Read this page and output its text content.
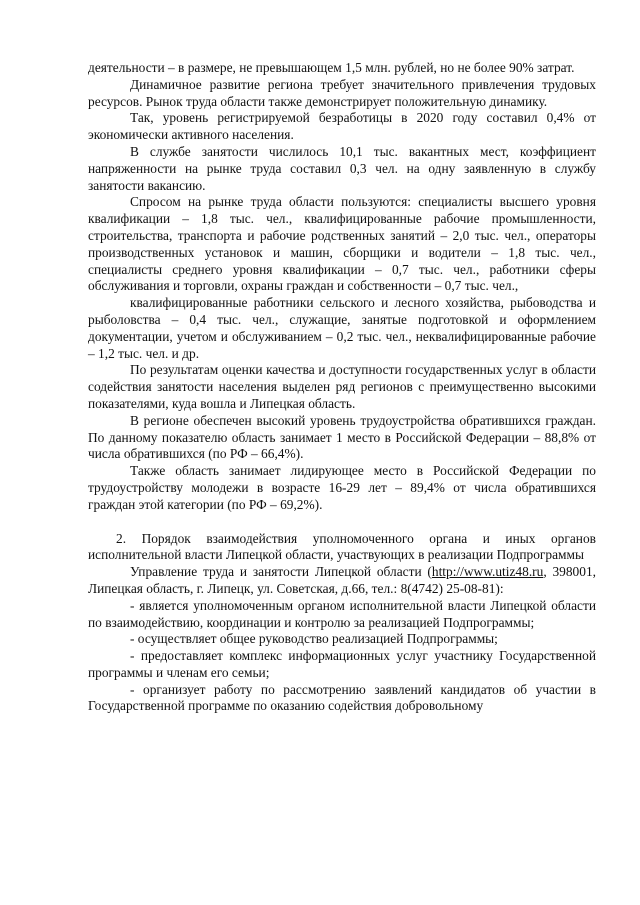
деятельности – в размере, не превышающем 1,5 млн. рублей, но не более 90% затрат.

Динамичное развитие региона требует значительного привлечения трудовых ресурсов. Рынок труда области также демонстрирует положительную динамику.

Так, уровень регистрируемой безработицы в 2020 году составил 0,4% от экономически активного населения.

В службе занятости числилось 10,1 тыс. вакантных мест, коэффициент напряженности на рынке труда составил 0,3 чел. на одну заявленную в службу занятости вакансию.

Спросом на рынке труда области пользуются: специалисты высшего уровня квалификации – 1,8 тыс. чел., квалифицированные рабочие промышленности, строительства, транспорта и рабочие родственных занятий – 2,0 тыс. чел., операторы производственных установок и машин, сборщики и водители – 1,8 тыс. чел., специалисты среднего уровня квалификации – 0,7 тыс. чел., работники сферы обслуживания и торговли, охраны граждан и собственности – 0,7 тыс. чел.,

квалифицированные работники сельского и лесного хозяйства, рыбоводства и рыболовства – 0,4 тыс. чел., служащие, занятые подготовкой и оформлением документации, учетом и обслуживанием – 0,2 тыс. чел., неквалифицированные рабочие – 1,2 тыс. чел. и др.

По результатам оценки качества и доступности государственных услуг в области содействия занятости населения выделен ряд регионов с преимущественно высокими показателями, куда вошла и Липецкая область.

В регионе обеспечен высокий уровень трудоустройства обратившихся граждан. По данному показателю область занимает 1 место в Российской Федерации – 88,8% от числа обратившихся (по РФ – 66,4%).

Также область занимает лидирующее место в Российской Федерации по трудоустройству молодежи в возрасте 16-29 лет – 89,4% от числа обратившихся граждан этой категории (по РФ – 69,2%).

2. Порядок взаимодействия уполномоченного органа и иных органов исполнительной власти Липецкой области, участвующих в реализации Подпрограммы

Управление труда и занятости Липецкой области (http://www.utiz48.ru, 398001, Липецкая область, г. Липецк, ул. Советская, д.66, тел.: 8(4742) 25-08-81):

- является уполномоченным органом исполнительной власти Липецкой области по взаимодействию, координации и контролю за реализацией Подпрограммы;

- осуществляет общее руководство реализацией Подпрограммы;

- предоставляет комплекс информационных услуг участнику Государственной программы и членам его семьи;

- организует работу по рассмотрению заявлений кандидатов об участии в Государственной программе по оказанию содействия добровольному
